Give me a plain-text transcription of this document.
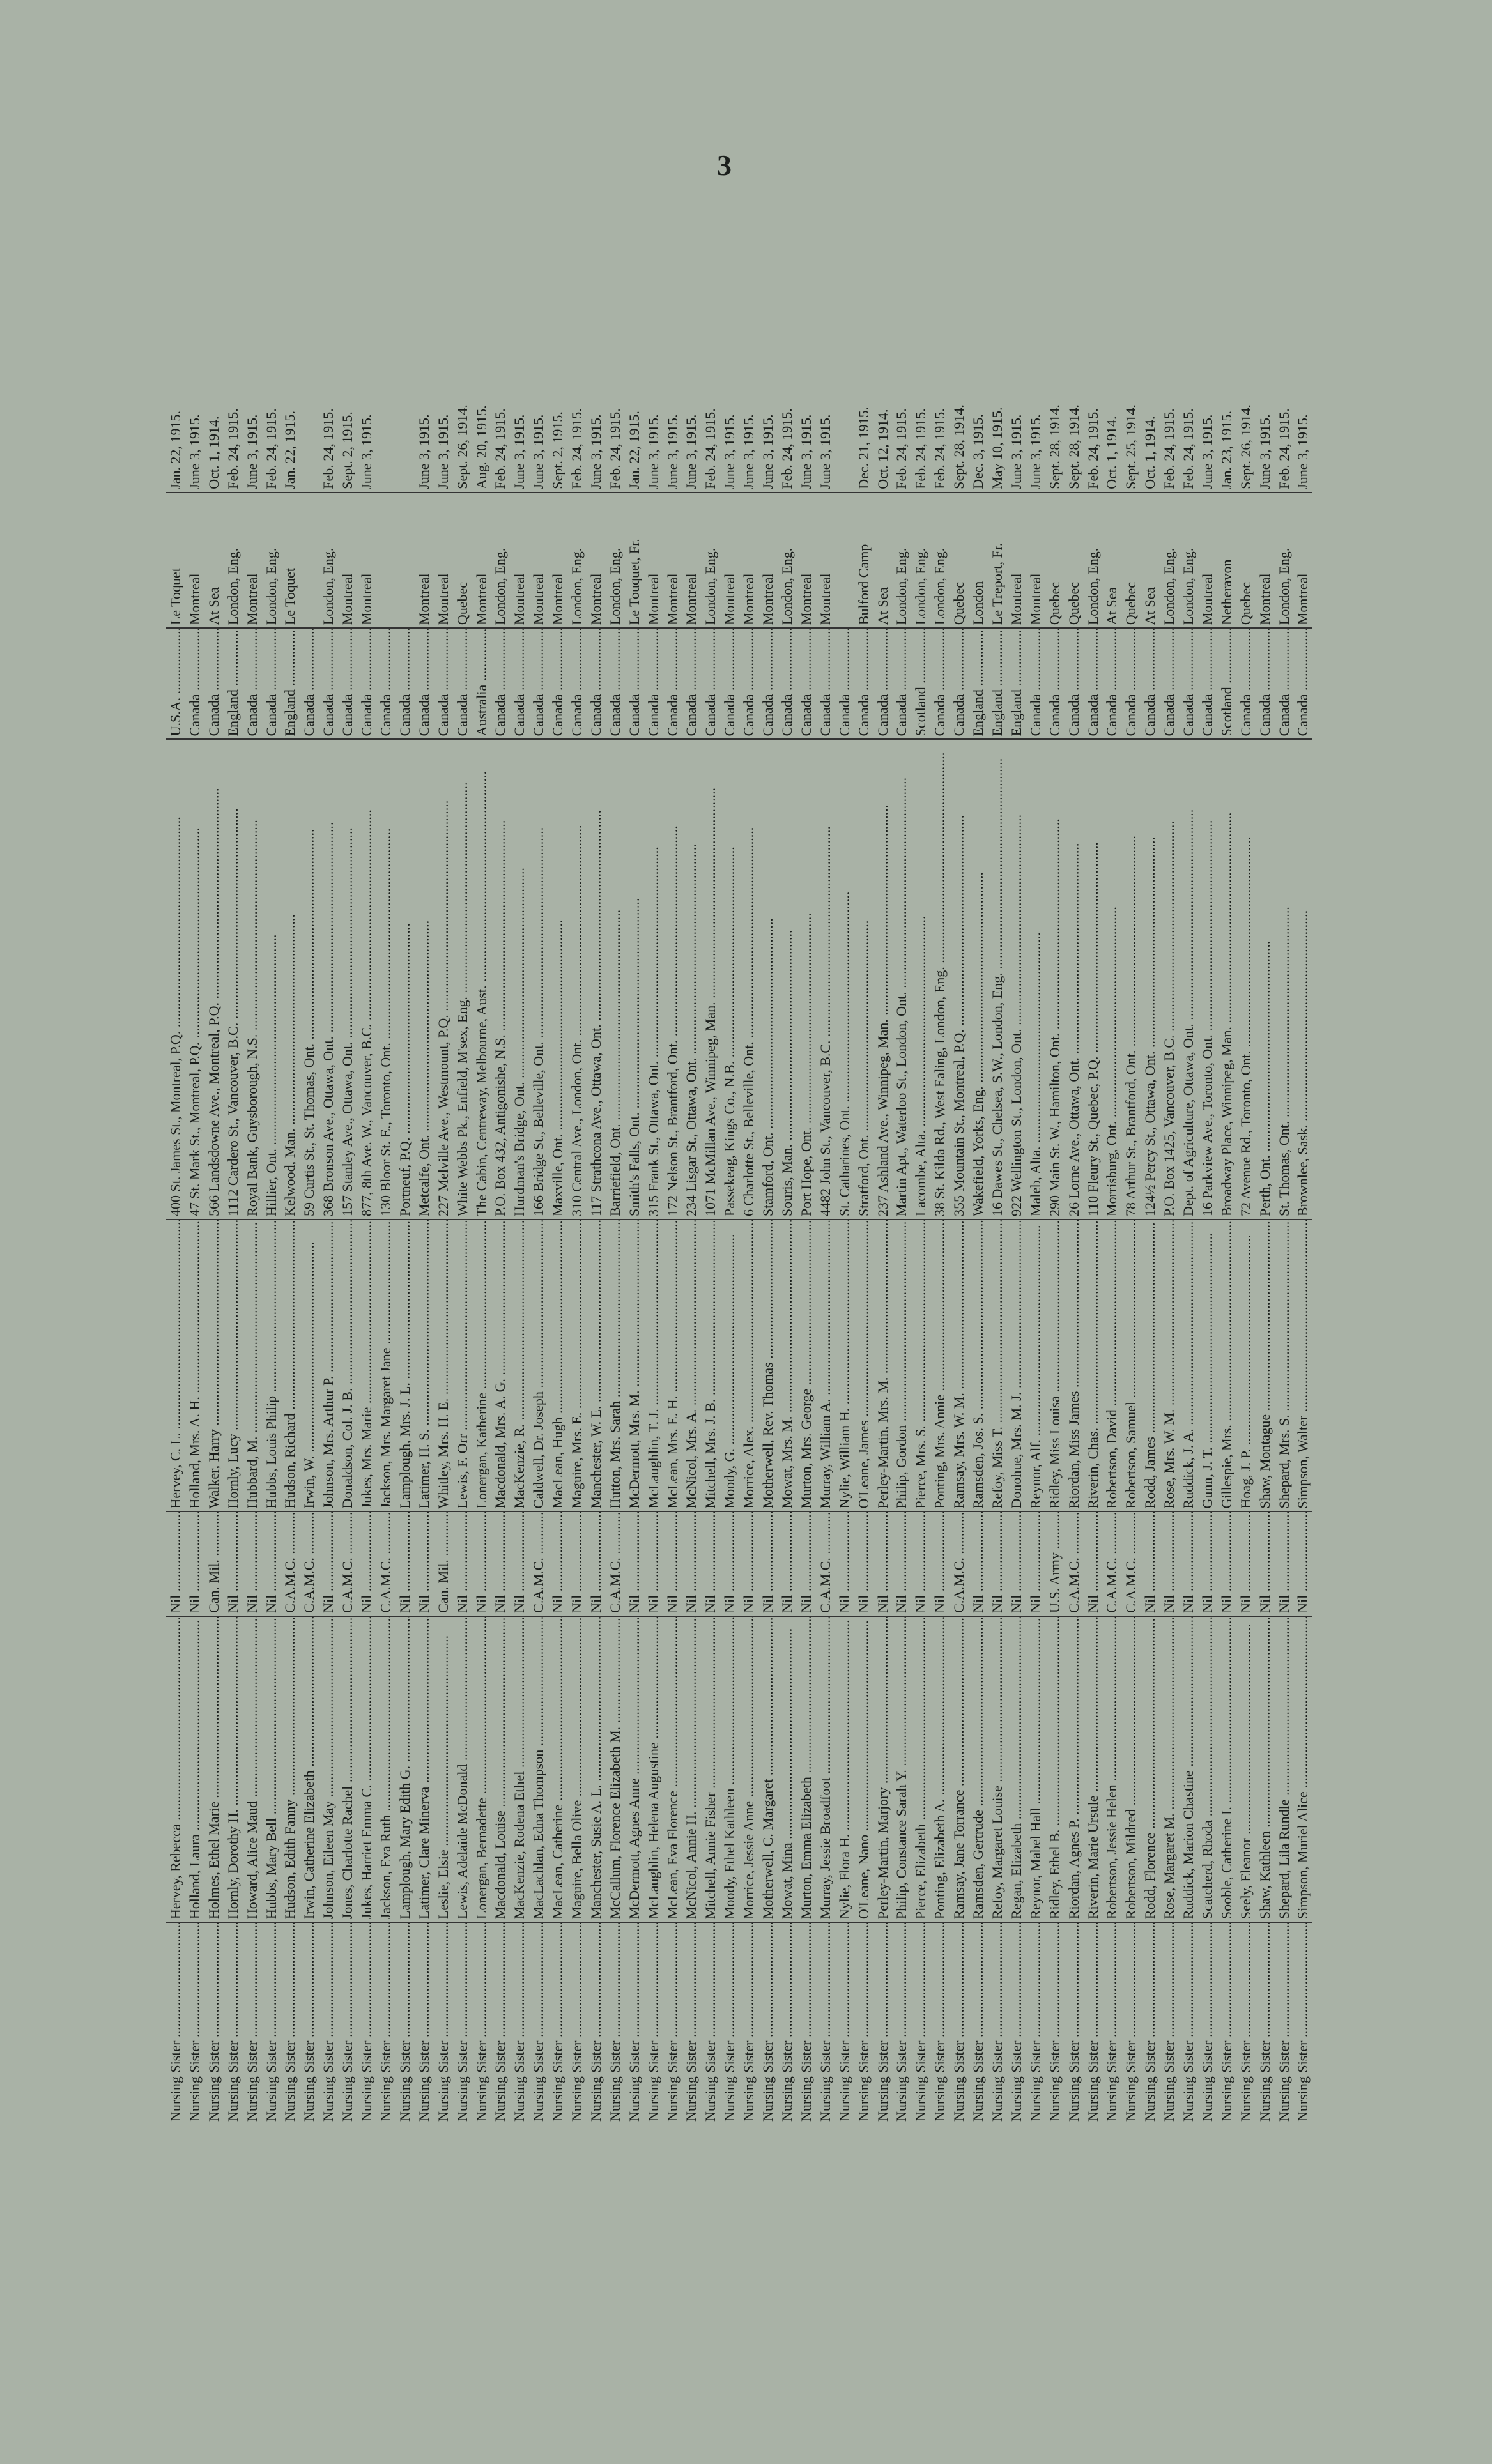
3
Nursing Sister .....	Hervey, Rebecca .....	Nil .....	Hervey, C. L. .....	400 St. James St., Montreal, P.Q. .....	U.S.A. .....	Le Toquet	Jan. 22, 1915.
Nursing Sister .....	Holland, Laura .....	Nil .....	Holland, Mrs. A. H. .....	47 St. Mark St., Montreal, P.Q. .....	Canada .....	Montreal	June 3, 1915.
Nursing Sister .....	Holmes, Ethel Marie .....	Can. Mil. .....	Walker, Harry .....	566 Landsdowne Ave., Montreal, P.Q. .....	Canada .....	At Sea	Oct. 1, 1914.
Nursing Sister .....	Hornly, Dorothy H. .....	Nil .....	Hornly, Lucy .....	1112 Cardero St., Vancouver, B.C. .....	England .....	London, Eng.	Feb. 24, 1915.
Nursing Sister .....	Howard, Alice Maud .....	Nil .....	Hubbard, M. .....	Royal Bank, Guysborough, N.S. .....	Canada .....	Montreal	June 3, 1915.
Nursing Sister .....	Hubbs, Mary Bell .....	Nil .....	Hubbs, Louis Philip .....	Hillier, Ont. .....	Canada .....	London, Eng.	Feb. 24, 1915.
Nursing Sister .....	Hudson, Edith Fanny .....	C.A.M.C. .....	Hudson, Richard .....	Kelwood, Man. .....	England .....	Le Toquet	Jan. 22, 1915.
Nursing Sister .....	Irwin, Catherine Elizabeth .....	C.A.M.C. .....	Irwin, W. .....	59 Curtis St., St. Thomas, Ont. .....	Canada .....		
Nursing Sister .....	Johnson, Eileen May .....	Nil .....	Johnson, Mrs. Arthur P. .....	368 Bronson Ave., Ottawa, Ont. .....	Canada .....	London, Eng.	Feb. 24, 1915.
Nursing Sister .....	Jones, Charlotte Rachel .....	C.A.M.C. .....	Donaldson, Col. J. B. .....	157 Stanley Ave., Ottawa, Ont. .....	Canada .....	Montreal	Sept. 2, 1915.
Nursing Sister .....	Jukes, Harriet Emma C. .....	Nil .....	Jukes, Mrs. Marie .....	877, 8th Ave. W., Vancouver, B.C. .....	Canada .....	Montreal	June 3, 1915.
Nursing Sister .....	Jackson, Eva Ruth .....	C.A.M.C. .....	Jackson, Mrs. Margaret Jane .....	130 Bloor St. E., Toronto, Ont. .....	Canada .....		
Nursing Sister .....	Lamplough, Mary Edith G. .....	Nil .....	Lamplough, Mrs. J. L. .....	Portneuf, P.Q. .....	Canada .....		
Nursing Sister .....	Latimer, Clare Minerva .....	Nil .....	Latimer, H. S. .....	Metcalfe, Ont. .....	Canada .....	Montreal	June 3, 1915.
Nursing Sister .....	Leslie, Elsie .....	Can. Mil. .....	Whitley, Mrs. H. E. .....	227 Melville Ave., Westmount, P.Q. .....	Canada .....	Montreal	June 3, 1915.
Nursing Sister .....	Lewis, Adelaide McDonald .....	Nil .....	Lewis, F. Orr .....	White Webbs Pk., Enfield, M'sex, Eng. .....	Canada .....	Quebec	Sept. 26, 1914.
Nursing Sister .....	Lonergan, Bernadette .....	Nil .....	Lonergan, Katherine .....	The Cabin, Centreway, Melbourne, Aust. .....	Australia .....	Montreal	Aug. 20, 1915.
Nursing Sister .....	Macdonald, Louise .....	Nil .....	Macdonald, Mrs. A. G. .....	P.O. Box 432, Antigonishe, N.S. .....	Canada .....	London, Eng.	Feb. 24, 1915.
Nursing Sister .....	MacKenzie, Rodena Ethel .....	Nil .....	MacKenzie, R. .....	Hurdman's Bridge, Ont. .....	Canada .....	Montreal	June 3, 1915.
Nursing Sister .....	MacLachlan, Edna Thompson .....	C.A.M.C. .....	Caldwell, Dr. Joseph .....	166 Bridge St., Belleville, Ont. .....	Canada .....	Montreal	June 3, 1915.
Nursing Sister .....	MacLean, Catherine .....	Nil .....	MacLean, Hugh .....	Maxville, Ont. .....	Canada .....	Montreal	Sept. 2, 1915.
Nursing Sister .....	Maguire, Bella Olive .....	Nil .....	Maguire, Mrs. E. .....	310 Central Ave., London, Ont. .....	Canada .....	London, Eng.	Feb. 24, 1915.
Nursing Sister .....	Manchester, Susie A. L. .....	Nil .....	Manchester, W. E. .....	117 Strathcona Ave., Ottawa, Ont. .....	Canada .....	Montreal	June 3, 1915.
Nursing Sister .....	McCallum, Florence Elizabeth M. .....	C.A.M.C. .....	Hutton, Mrs. Sarah .....	Barriefield, Ont. .....	Canada .....	London, Eng.	Feb. 24, 1915.
Nursing Sister .....	McDermott, Agnes Anne .....	Nil .....	McDermott, Mrs. M. .....	Smith's Falls, Ont. .....	Canada .....	Le Touquet, Fr.	Jan. 22, 1915.
Nursing Sister .....	McLaughlin, Helena Augustine .....	Nil .....	McLaughlin, T. J. .....	315 Frank St., Ottawa, Ont. .....	Canada .....	Montreal	June 3, 1915.
Nursing Sister .....	McLean, Eva Florence .....	Nil .....	McLean, Mrs. E. H. .....	172 Nelson St., Brantford, Ont. .....	Canada .....	Montreal	June 3, 1915.
Nursing Sister .....	McNicol, Annie H. .....	Nil .....	McNicol, Mrs. A. .....	234 Lisgar St., Ottawa, Ont. .....	Canada .....	Montreal	June 3, 1915.
Nursing Sister .....	Mitchell, Annie Fisher .....	Nil .....	Mitchell, Mrs. J. B. .....	1071 McMillan Ave., Winnipeg, Man. .....	Canada .....	London, Eng.	Feb. 24, 1915.
Nursing Sister .....	Moody, Ethel Kathleen .....	Nil .....	Moody, G. .....	Passekeag, Kings Co., N.B. .....	Canada .....	Montreal	June 3, 1915.
Nursing Sister .....	Morrice, Jessie Anne .....	Nil .....	Morrice, Alex. .....	6 Charlotte St., Belleville, Ont. .....	Canada .....	Montreal	June 3, 1915.
Nursing Sister .....	Motherwell, C. Margaret .....	Nil .....	Motherwell, Rev. Thomas .....	Stamford, Ont. .....	Canada .....	Montreal	June 3, 1915.
Nursing Sister .....	Mowat, Mina .....	Nil .....	Mowat, Mrs. M. .....	Souris, Man. .....	Canada .....	London, Eng.	Feb. 24, 1915.
Nursing Sister .....	Murton, Emma Elizabeth .....	Nil .....	Murton, Mrs. George .....	Port Hope, Ont. .....	Canada .....	Montreal	June 3, 1915.
Nursing Sister .....	Murray, Jessie Broadfoot .....	C.A.M.C. .....	Murray, William A. .....	4482 John St., Vancouver, B.C. .....	Canada .....	Montreal	June 3, 1915.
Nursing Sister .....	Nylie, Flora H. .....	Nil .....	Nylie, William H. .....	St. Catharines, Ont. .....	Canada .....		
Nursing Sister .....	O'Leane, Nano .....	Nil .....	O'Leane, James .....	Stratford, Ont. .....	Canada .....	Bulford Camp	Dec. 21, 1915.
Nursing Sister .....	Perley-Martin, Marjory .....	Nil .....	Perley-Martin, Mrs. M. .....	237 Ashland Ave., Winnipeg, Man. .....	Canada .....	At Sea	Oct. 12, 1914.
Nursing Sister .....	Philip, Constance Sarah Y. .....	Nil .....	Philip, Gordon .....	Martin Apt., Waterloo St., London, Ont. .....	Canada .....	London, Eng.	Feb. 24, 1915.
Nursing Sister .....	Pierce, Elizabeth .....	Nil .....	Pierce, Mrs. S. .....	Lacombe, Alta. .....	Scotland .....	London, Eng.	Feb. 24, 1915.
Nursing Sister .....	Ponting, Elizabeth A. .....	Nil .....	Ponting, Mrs. Annie .....	38 St. Kilda Rd., West Ealing, London, Eng. .....	Canada .....	London, Eng.	Feb. 24, 1915.
Nursing Sister .....	Ramsay, Jane Torrance .....	C.A.M.C. .....	Ramsay, Mrs. W. M. .....	355 Mountain St., Montreal, P.Q. .....	Canada .....	Quebec	Sept. 28, 1914.
Nursing Sister .....	Ramsden, Gertrude .....	Nil .....	Ramsden, Jos. S. .....	Wakefield, Yorks, Eng. .....	England .....	London	Dec. 3, 1915.
Nursing Sister .....	Refoy, Margaret Louise .....	Nil .....	Refoy, Miss T. .....	16 Dawes St., Chelsea, S.W., London, Eng. .....	England .....	Le Treport, Fr.	May 10, 1915.
Nursing Sister .....	Regan, Elizabeth .....	Nil .....	Donohue, Mrs. M. J. .....	922 Wellington St., London, Ont. .....	England .....	Montreal	June 3, 1915.
Nursing Sister .....	Reynor, Mabel Hall .....	Nil .....	Reynor, Alf. .....	Maleb, Alta. .....	Canada .....	Montreal	June 3, 1915.
Nursing Sister .....	Ridley, Ethel B. .....	U.S. Army .....	Ridley, Miss Louisa .....	290 Main St. W., Hamilton, Ont. .....	Canada .....	Quebec	Sept. 28, 1914.
Nursing Sister .....	Riordan, Agnes P. .....	C.A.M.C. .....	Riordan, Miss James .....	26 Lorne Ave., Ottawa, Ont. .....	Canada .....	Quebec	Sept. 28, 1914.
Nursing Sister .....	Riverin, Marie Ursule .....	Nil .....	Riverin, Chas. .....	110 Fleury St., Quebec, P.Q. .....	Canada .....	London, Eng.	Feb. 24, 1915.
Nursing Sister .....	Robertson, Jessie Helen .....	C.A.M.C. .....	Robertson, David .....	Morrisburg, Ont. .....	Canada .....	At Sea	Oct. 1, 1914.
Nursing Sister .....	Robertson, Mildred .....	C.A.M.C. .....	Robertson, Samuel .....	78 Arthur St., Brantford, Ont. .....	Canada .....	Quebec	Sept. 25, 1914.
Nursing Sister .....	Rodd, Florence .....	Nil .....	Rodd, James .....	124½ Percy St., Ottawa, Ont. .....	Canada .....	At Sea	Oct. 1, 1914.
Nursing Sister .....	Rose, Margaret M. .....	Nil .....	Rose, Mrs. W. M. .....	P.O. Box 1425, Vancouver, B.C. .....	Canada .....	London, Eng.	Feb. 24, 1915.
Nursing Sister .....	Ruddick, Marion Chastine .....	Nil .....	Ruddick, J. A. .....	Dept. of Agriculture, Ottawa, Ont. .....	Canada .....	London, Eng.	Feb. 24, 1915.
Nursing Sister .....	Scatcherd, Rhoda .....	Nil .....	Gunn, J. T. .....	16 Parkview Ave., Toronto, Ont. .....	Canada .....	Montreal	June 3, 1915.
Nursing Sister .....	Sooble, Catherine I. .....	Nil .....	Gillespie, Mrs. .....	Broadway Place, Winnipeg, Man. .....	Scotland .....	Netheravon	Jan. 23, 1915.
Nursing Sister .....	Seely, Eleanor .....	Nil .....	Hoag, J. P. .....	72 Avenue Rd., Toronto, Ont. .....	Canada .....	Quebec	Sept. 26, 1914.
Nursing Sister .....	Shaw, Kathleen .....	Nil .....	Shaw, Montague .....	Perth, Ont. .....	Canada .....	Montreal	June 3, 1915.
Nursing Sister .....	Shepard, Lila Rundle .....	Nil .....	Shepard, Mrs. S. .....	St. Thomas, Ont. .....	Canada .....	London, Eng.	Feb. 24, 1915.
Nursing Sister .....	Simpson, Muriel Alice .....	Nil .....	Simpson, Walter .....	Brownlee, Sask. .....	Canada .....	Montreal	June 3, 1915.
